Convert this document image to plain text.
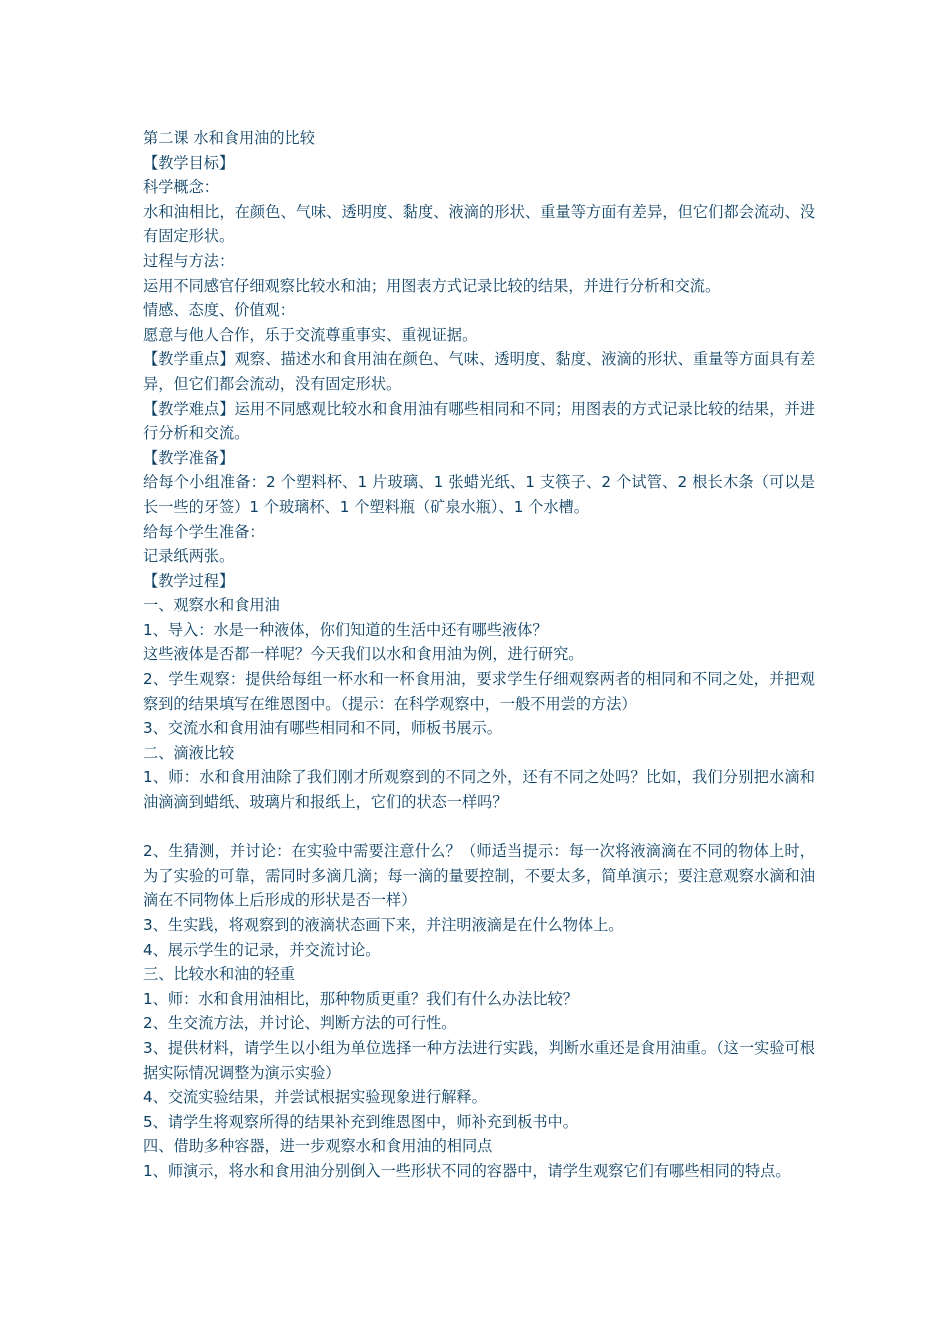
第二课 水和食用油的比较

【教学目标】

科学概念：

水和油相比，在颜色、气味、透明度、黏度、液滴的形状、重量等方面有差异，但它们都会流动、没有固定形状。

过程与方法：

运用不同感官仔细观察比较水和油；用图表方式记录比较的结果，并进行分析和交流。

情感、态度、价值观：

愿意与他人合作，乐于交流尊重事实、重视证据。

【教学重点】观察、描述水和食用油在颜色、气味、透明度、黏度、液滴的形状、重量等方面具有差异，但它们都会流动，没有固定形状。

【教学难点】运用不同感观比较水和食用油有哪些相同和不同；用图表的方式记录比较的结果，并进行分析和交流。

【教学准备】

给每个小组准备：2 个塑料杯、1 片玻璃、1 张蜡光纸、1 支筷子、2 个试管、2 根长木条（可以是长一些的牙签）1 个玻璃杯、1 个塑料瓶（矿泉水瓶）、1 个水槽。

给每个学生准备：

记录纸两张。

【教学过程】

一、观察水和食用油

1、导入：水是一种液体，你们知道的生活中还有哪些液体？

这些液体是否都一样呢？今天我们以水和食用油为例，进行研究。

2、学生观察：提供给每组一杯水和一杯食用油，要求学生仔细观察两者的相同和不同之处，并把观察到的结果填写在维恩图中。（提示：在科学观察中，一般不用尝的方法）

3、交流水和食用油有哪些相同和不同，师板书展示。

二、滴液比较

1、师：水和食用油除了我们刚才所观察到的不同之外，还有不同之处吗？比如，我们分别把水滴和油滴滴到蜡纸、玻璃片和报纸上，它们的状态一样吗？

2、生猜测，并讨论：在实验中需要注意什么？（师适当提示：每一次将液滴滴在不同的物体上时，为了实验的可靠，需同时多滴几滴；每一滴的量要控制，不要太多，简单演示；要注意观察水滴和油滴在不同物体上后形成的形状是否一样）

3、生实践，将观察到的液滴状态画下来，并注明液滴是在什么物体上。

4、展示学生的记录，并交流讨论。

三、比较水和油的轻重

1、师：水和食用油相比，那种物质更重？我们有什么办法比较？

2、生交流方法，并讨论、判断方法的可行性。

3、提供材料，请学生以小组为单位选择一种方法进行实践，判断水重还是食用油重。（这一实验可根据实际情况调整为演示实验）

4、交流实验结果，并尝试根据实验现象进行解释。

5、请学生将观察所得的结果补充到维恩图中，师补充到板书中。

四、借助多种容器，进一步观察水和食用油的相同点

1、师演示，将水和食用油分别倒入一些形状不同的容器中，请学生观察它们有哪些相同的特点。
